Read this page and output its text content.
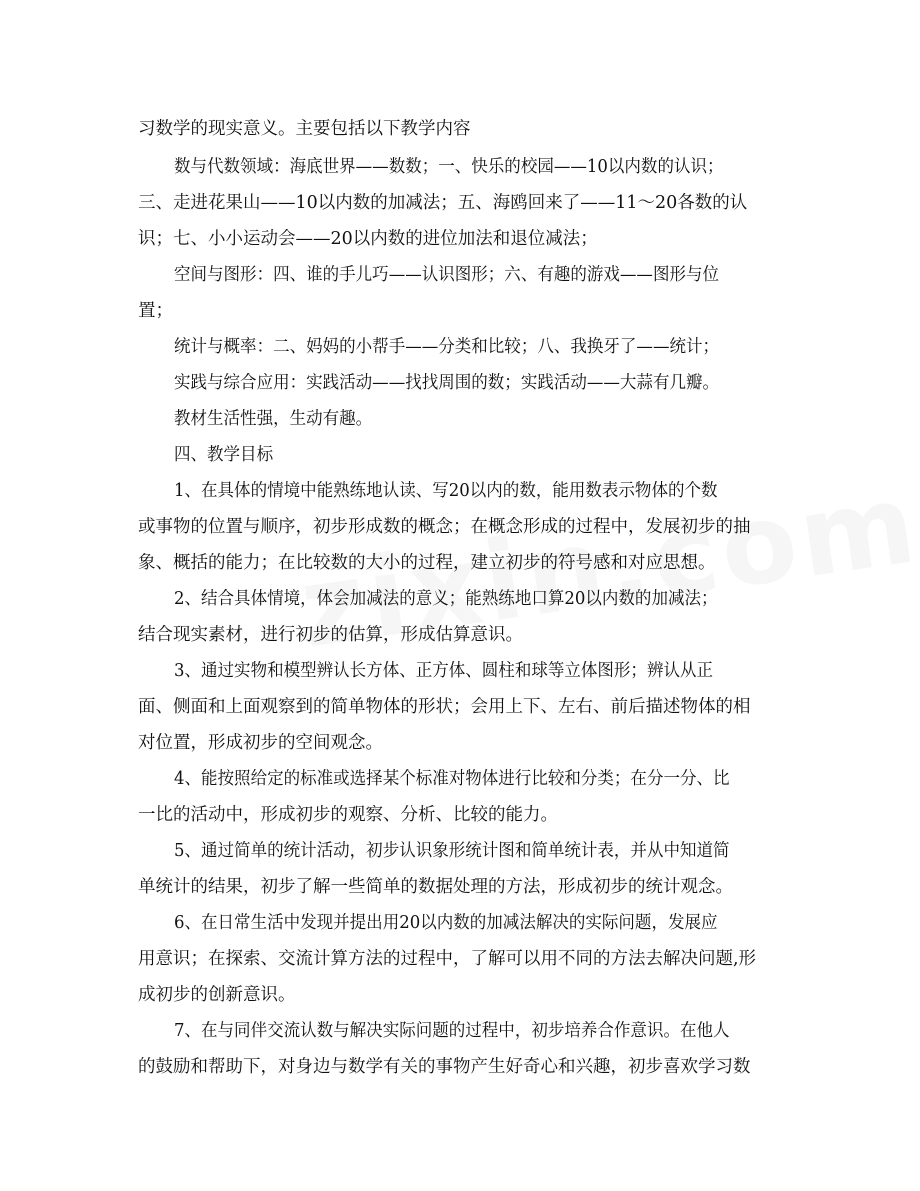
习数学的现实意义。主要包括以下教学内容
数与代数领域：海底世界——数数；一、快乐的校园——10以内数的认识；
三、走进花果山——10以内数的加减法；五、海鸥回来了——11～20各数的认
识；七、小小运动会——20以内数的进位加法和退位减法；
空间与图形：四、谁的手儿巧——认识图形；六、有趣的游戏——图形与位
置；
统计与概率：二、妈妈的小帮手——分类和比较；八、我换牙了——统计；
实践与综合应用：实践活动——找找周围的数；实践活动——大蒜有几瓣。
教材生活性强，生动有趣。
四、教学目标
1、在具体的情境中能熟练地认读、写20以内的数，能用数表示物体的个数
或事物的位置与顺序，初步形成数的概念；在概念形成的过程中，发展初步的抽
象、概括的能力；在比较数的大小的过程，建立初步的符号感和对应思想。
2、结合具体情境，体会加减法的意义；能熟练地口算20以内数的加减法；
结合现实素材，进行初步的估算，形成估算意识。
3、通过实物和模型辨认长方体、正方体、圆柱和球等立体图形；辨认从正
面、侧面和上面观察到的简单物体的形状；会用上下、左右、前后描述物体的相
对位置，形成初步的空间观念。
4、能按照给定的标准或选择某个标准对物体进行比较和分类；在分一分、比
一比的活动中，形成初步的观察、分析、比较的能力。
5、通过简单的统计活动，初步认识象形统计图和简单统计表，并从中知道简
单统计的结果，初步了解一些简单的数据处理的方法，形成初步的统计观念。
6、在日常生活中发现并提出用20以内数的加减法解决的实际问题，发展应
用意识；在探索、交流计算方法的过程中，了解可以用不同的方法去解决问题,形
成初步的创新意识。
7、在与同伴交流认数与解决实际问题的过程中，初步培养合作意识。在他人
的鼓励和帮助下，对身边与数学有关的事物产生好奇心和兴趣，初步喜欢学习数
